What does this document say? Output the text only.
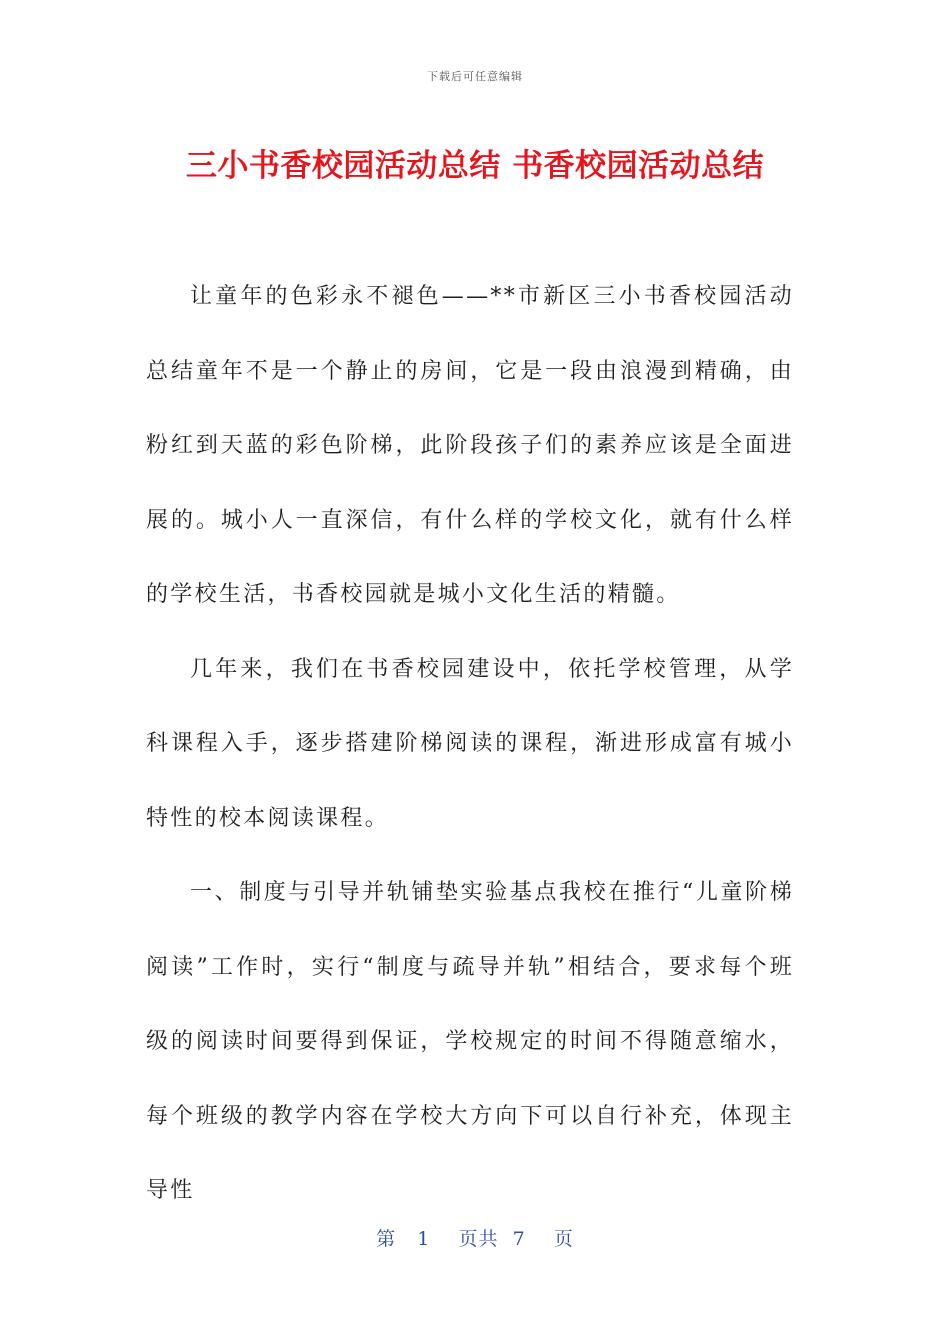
下载后可任意编辑
三小书香校园活动总结 书香校园活动总结

让童年的色彩永不褪色——**市新区三小书香校园活动总结童年不是一个静止的房间，它是一段由浪漫到精确，由粉红到天蓝的彩色阶梯，此阶段孩子们的素养应该是全面进展的。城小人一直深信，有什么样的学校文化，就有什么样的学校生活，书香校园就是城小文化生活的精髓。

几年来，我们在书香校园建设中，依托学校管理，从学科课程入手，逐步搭建阶梯阅读的课程，渐进形成富有城小特性的校本阅读课程。

一、制度与引导并轨铺垫实验基点我校在推行“儿童阶梯阅读”工作时，实行“制度与疏导并轨”相结合，要求每个班级的阅读时间要得到保证，学校规定的时间不得随意缩水，每个班级的教学内容在学校大方向下可以自行补充，体现主导性

第 1 页共 7 页
